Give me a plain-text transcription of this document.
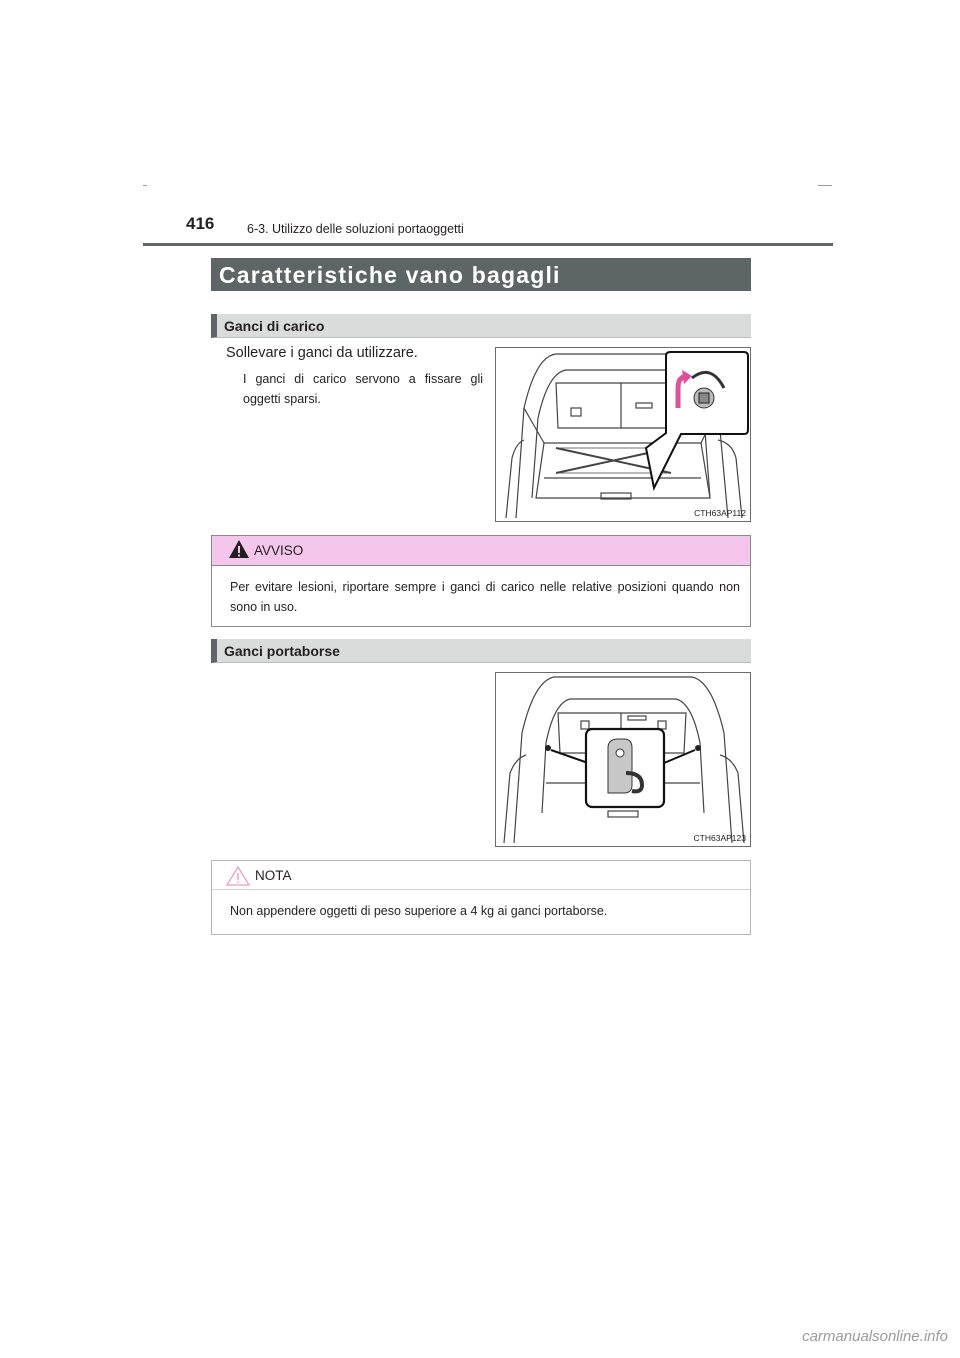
416	6-3. Utilizzo delle soluzioni portaoggetti
Caratteristiche vano bagagli
Ganci di carico
Sollevare i ganci da utilizzare.
I ganci di carico servono a fissare gli oggetti sparsi.
CTH63AP112
AVVISO
Per evitare lesioni, riportare sempre i ganci di carico nelle relative posizioni quando non sono in uso.
Ganci portaborse
CTH63AP123
NOTA
Non appendere oggetti di peso superiore a 4 kg ai ganci portaborse.
carmanualsonline.info
